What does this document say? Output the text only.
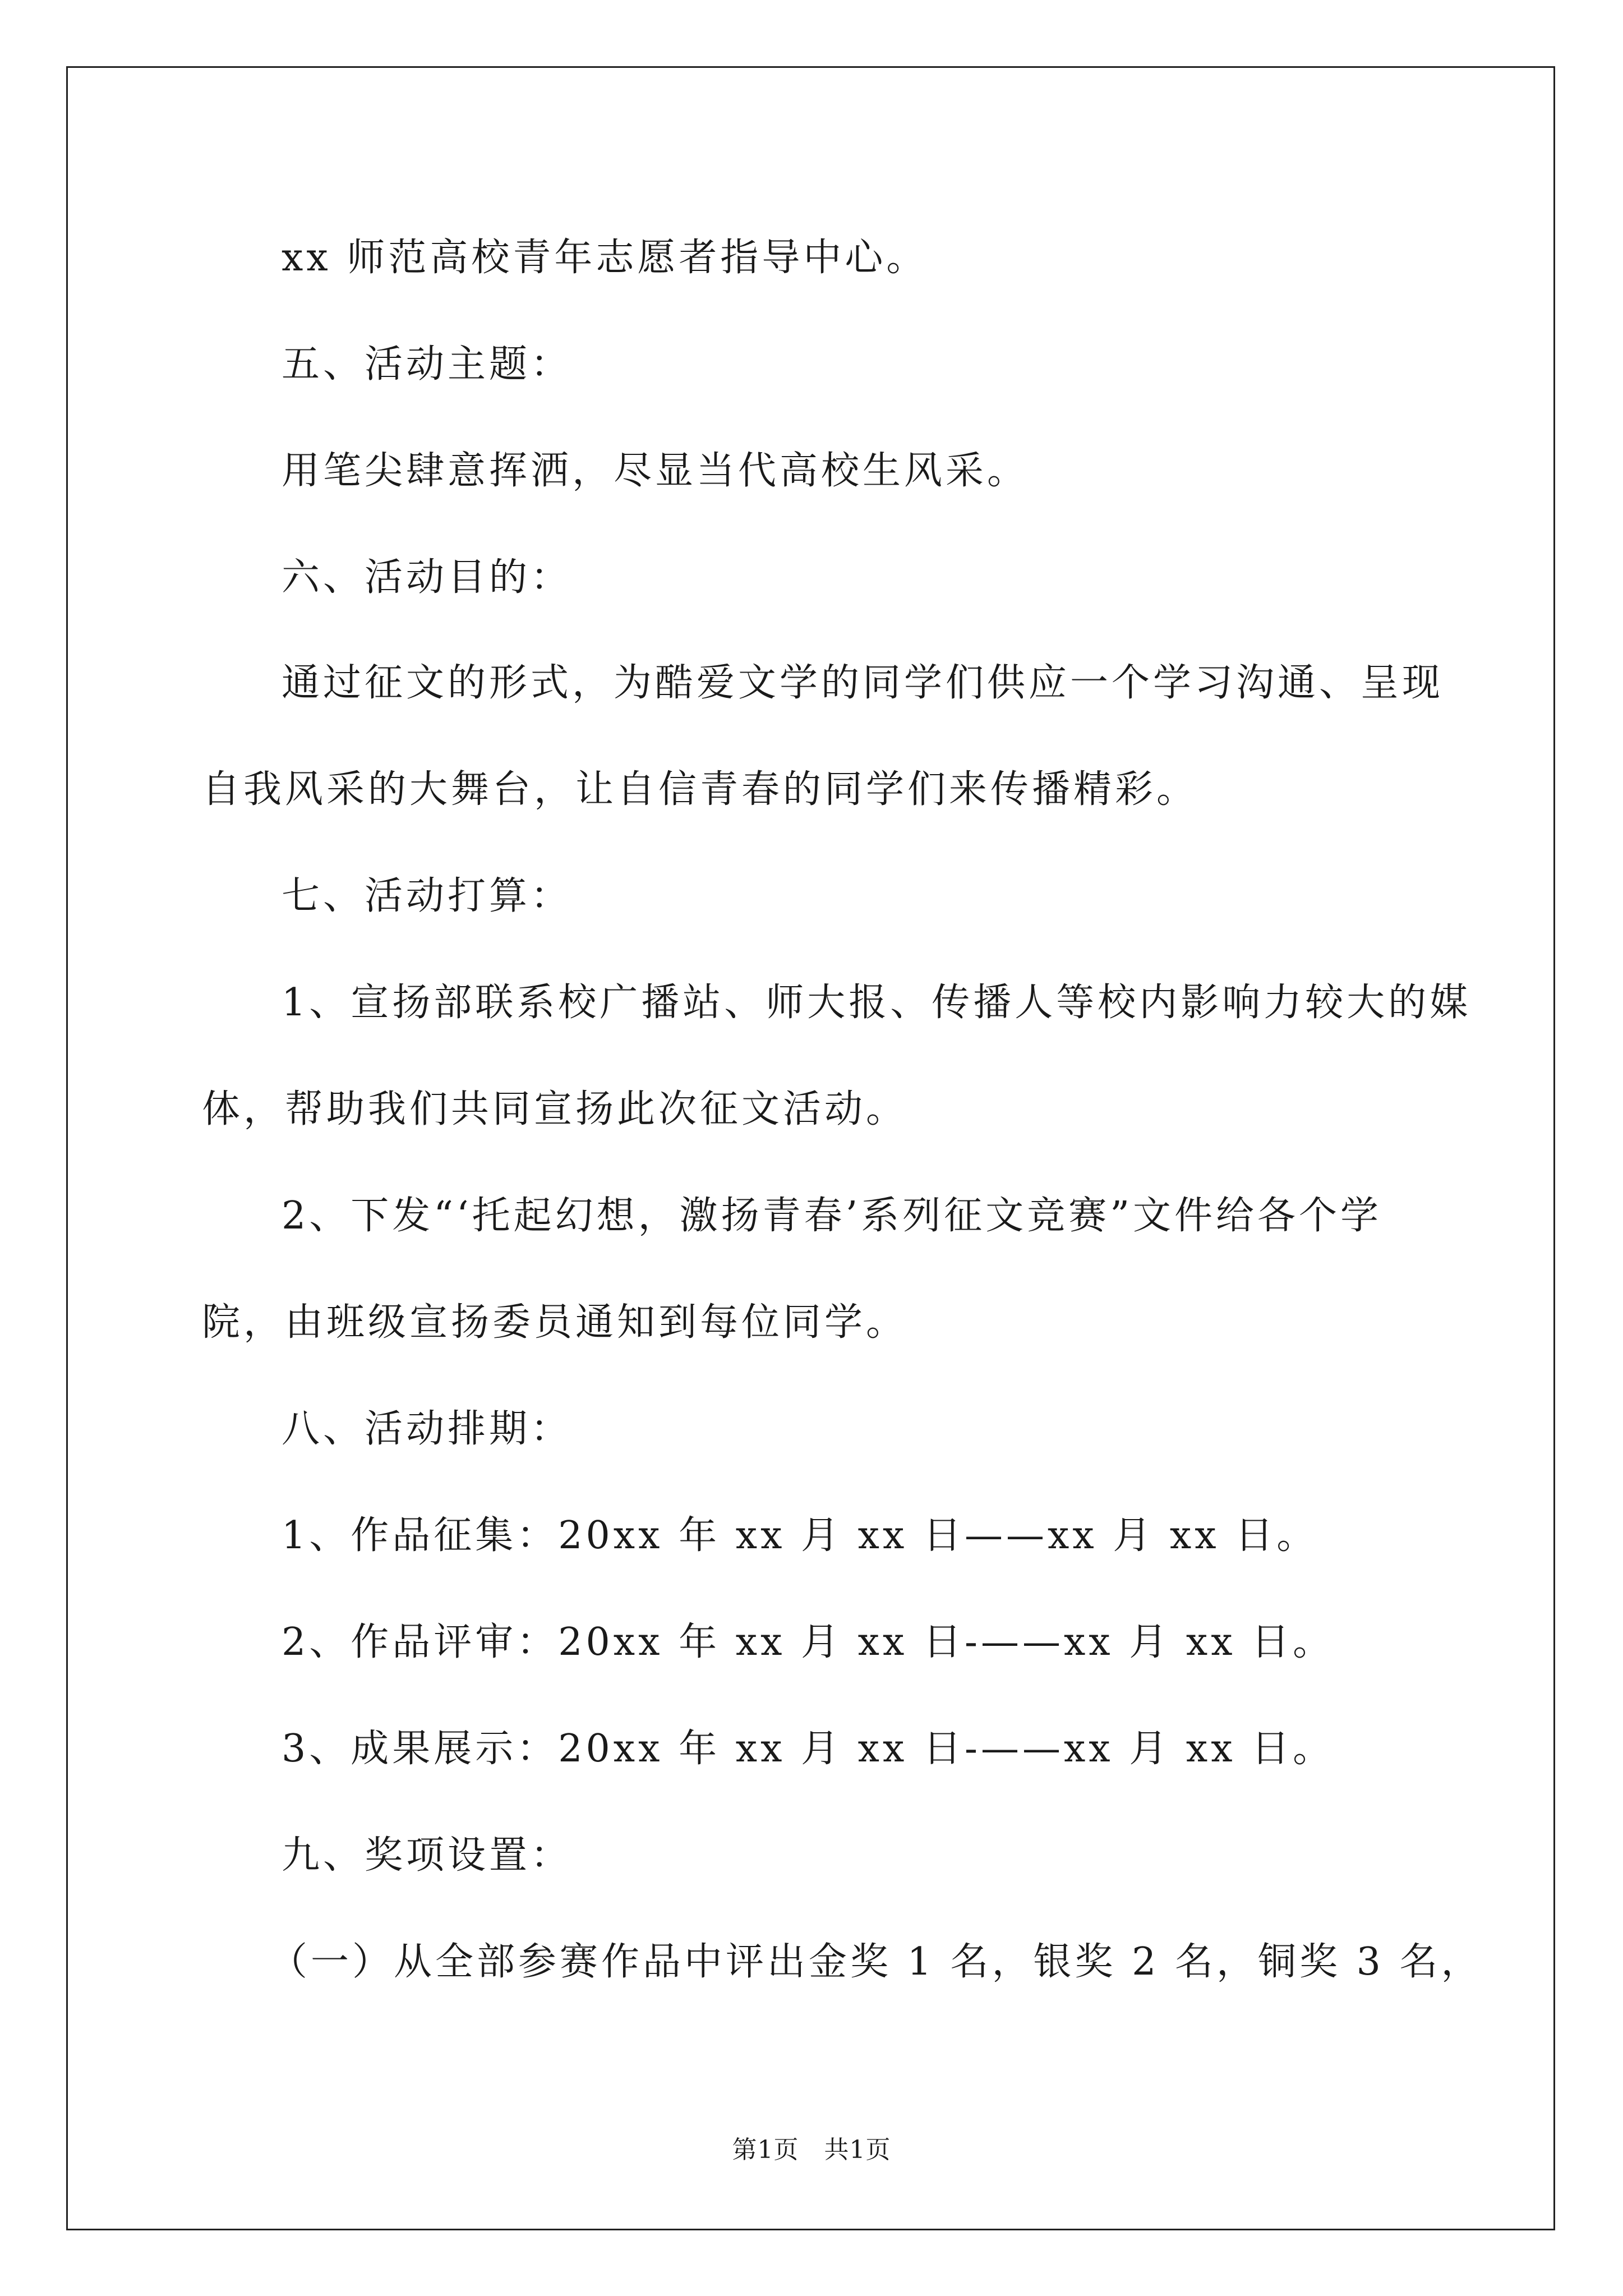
xx 师范高校青年志愿者指导中心。
五、活动主题：
用笔尖肆意挥洒，尽显当代高校生风采。
六、活动目的：
通过征文的形式，为酷爱文学的同学们供应一个学习沟通、呈现
自我风采的大舞台，让自信青春的同学们来传播精彩。
七、活动打算：
1、宣扬部联系校广播站、师大报、传播人等校内影响力较大的媒
体，帮助我们共同宣扬此次征文活动。
2、下发“‘托起幻想，激扬青春’系列征文竞赛”文件给各个学
院，由班级宣扬委员通知到每位同学。
八、活动排期：
1、作品征集：20xx 年 xx 月 xx 日——xx 月 xx 日。
2、作品评审：20xx 年 xx 月 xx 日-——xx 月 xx 日。
3、成果展示：20xx 年 xx 月 xx 日-——xx 月 xx 日。
九、奖项设置：
（一）从全部参赛作品中评出金奖 1 名，银奖 2 名，铜奖 3 名，
第1页　共1页
